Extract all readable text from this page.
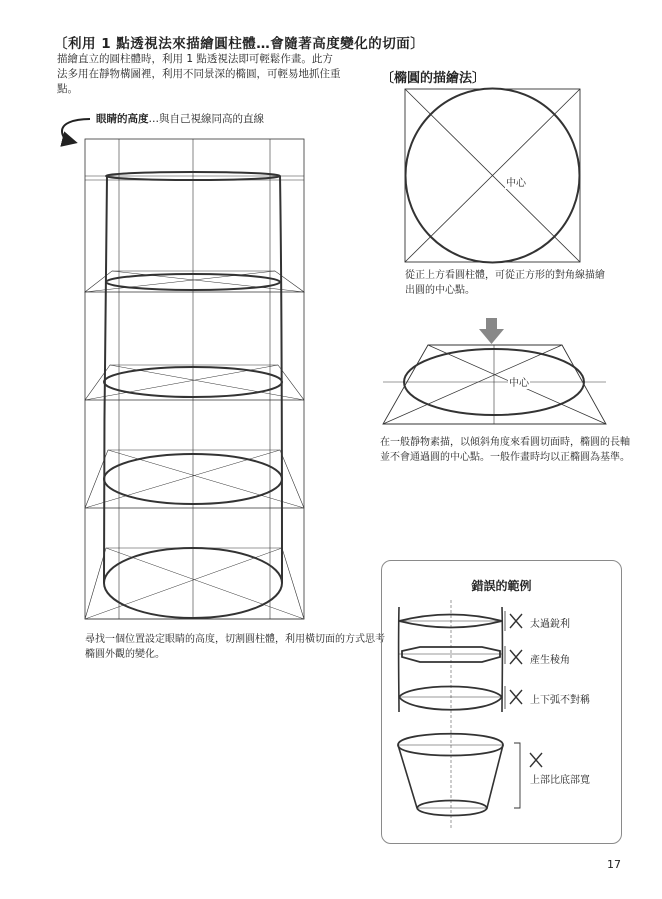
〔利用 1 點透視法來描繪圓柱體…會隨著高度變化的切面〕
描繪直立的圓柱體時，利用 1 點透視法即可輕鬆作畫。此方法多用在靜物構圖裡，利用不同景深的橢圓，可輕易地抓住重點。
眼睛的高度…與自己視線同高的直線
尋找一個位置設定眼睛的高度，切割圓柱體，利用橫切面的方式思考橢圓外觀的變化。
〔橢圓的描繪法〕
中心
從正上方看圓柱體，可從正方形的對角線描繪出圓的中心點。
中心
在一般靜物素描，以傾斜角度來看圓切面時，橢圓的長軸並不會通過圓的中心點。一般作畫時均以正橢圓為基準。
錯誤的範例
太過銳利
產生稜角
上下弧不對稱
上部比底部寬
17
